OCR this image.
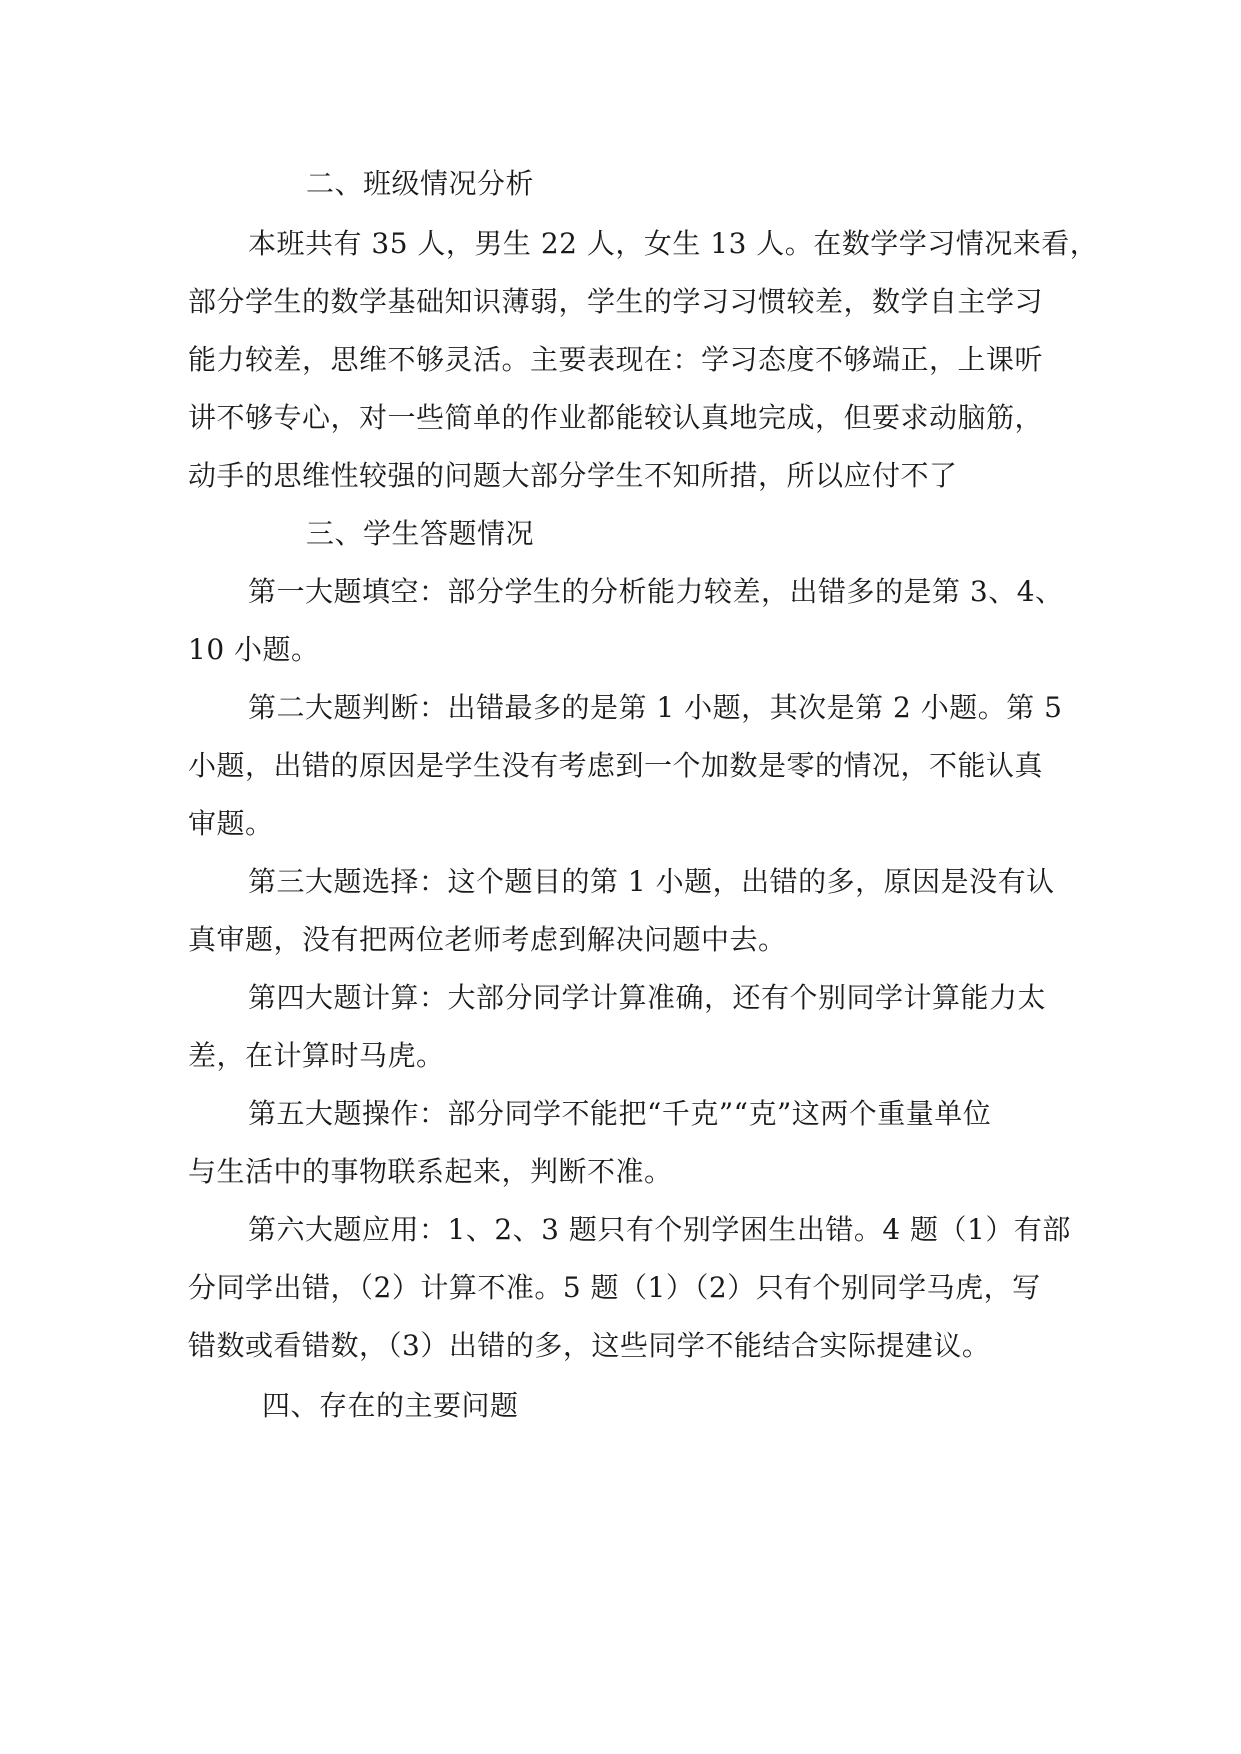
二、班级情况分析
本班共有 35 人，男生 22 人，女生 13 人。在数学学习情况来看，
部分学生的数学基础知识薄弱，学生的学习习惯较差，数学自主学习
能力较差，思维不够灵活。主要表现在：学习态度不够端正，上课听
讲不够专心，对一些简单的作业都能较认真地完成，但要求动脑筋，
动手的思维性较强的问题大部分学生不知所措，所以应付不了
三、学生答题情况
第一大题填空：部分学生的分析能力较差，出错多的是第 3、4、
10 小题。
第二大题判断：出错最多的是第 1 小题，其次是第 2 小题。第 5
小题，出错的原因是学生没有考虑到一个加数是零的情况，不能认真
审题。
第三大题选择：这个题目的第 1 小题，出错的多，原因是没有认
真审题，没有把两位老师考虑到解决问题中去。
第四大题计算：大部分同学计算准确，还有个别同学计算能力太
差，在计算时马虎。
第五大题操作：部分同学不能把“千克”“克”这两个重量单位
与生活中的事物联系起来，判断不准。
第六大题应用：1、2、3 题只有个别学困生出错。4 题（1）有部
分同学出错，（2）计算不准。5 题（1）（2）只有个别同学马虎，写
错数或看错数，（3）出错的多，这些同学不能结合实际提建议。
四、存在的主要问题
